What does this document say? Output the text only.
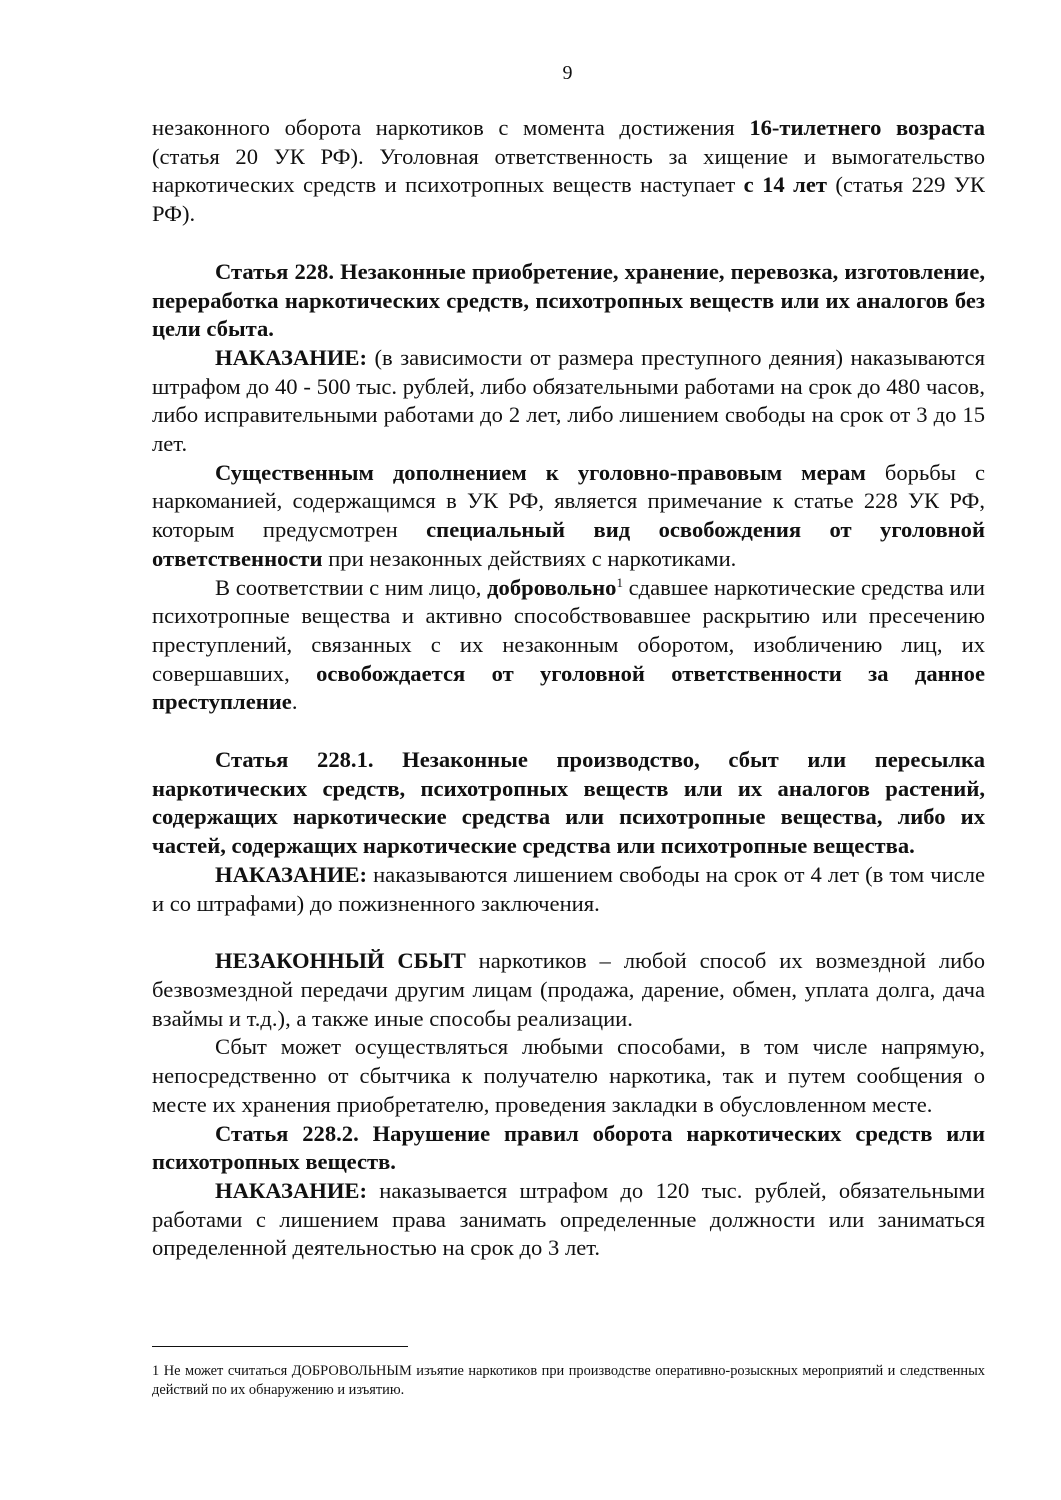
9

незаконного оборота наркотиков с момента достижения 16-тилетнего возраста (статья 20 УК РФ). Уголовная ответственность за хищение и вымогательство наркотических средств и психотропных веществ наступает с 14 лет (статья 229 УК РФ).

Статья 228. Незаконные приобретение, хранение, перевозка, изготовление, переработка наркотических средств, психотропных веществ или их аналогов без цели сбыта.

НАКАЗАНИЕ: (в зависимости от размера преступного деяния) наказываются штрафом до 40 - 500 тыс. рублей, либо обязательными работами на срок до 480 часов, либо исправительными работами до 2 лет, либо лишением свободы на срок от 3 до 15 лет.

Существенным дополнением к уголовно-правовым мерам борьбы с наркоманией, содержащимся в УК РФ, является примечание к статье 228 УК РФ, которым предусмотрен специальный вид освобождения от уголовной ответственности при незаконных действиях с наркотиками.

В соответствии с ним лицо, добровольно$^1$ сдавшее наркотические средства или психотропные вещества и активно способствовавшее раскрытию или пресечению преступлений, связанных с их незаконным оборотом, изобличению лиц, их совершавших, освобождается от уголовной ответственности за данное преступление.

Статья 228.1. Незаконные производство, сбыт или пересылка наркотических средств, психотропных веществ или их аналогов растений, содержащих наркотические средства или психотропные вещества, либо их частей, содержащих наркотические средства или психотропные вещества.

НАКАЗАНИЕ: наказываются лишением свободы на срок от 4 лет (в том числе и со штрафами) до пожизненного заключения.

НЕЗАКОННЫЙ СБЫТ наркотиков – любой способ их возмездной либо безвозмездной передачи другим лицам (продажа, дарение, обмен, уплата долга, дача взаймы и т.д.), а также иные способы реализации.

Сбыт может осуществляться любыми способами, в том числе напрямую, непосредственно от сбытчика к получателю наркотика, так и путем сообщения о месте их хранения приобретателю, проведения закладки в обусловленном месте.

Статья 228.2. Нарушение правил оборота наркотических средств или психотропных веществ.

НАКАЗАНИЕ: наказывается штрафом до 120 тыс. рублей, обязательными работами с лишением права занимать определенные должности или заниматься определенной деятельностью на срок до 3 лет.

1 Не может считаться ДОБРОВОЛЬНЫМ изъятие наркотиков при производстве оперативно-розыскных мероприятий и следственных действий по их обнаружению и изъятию.
